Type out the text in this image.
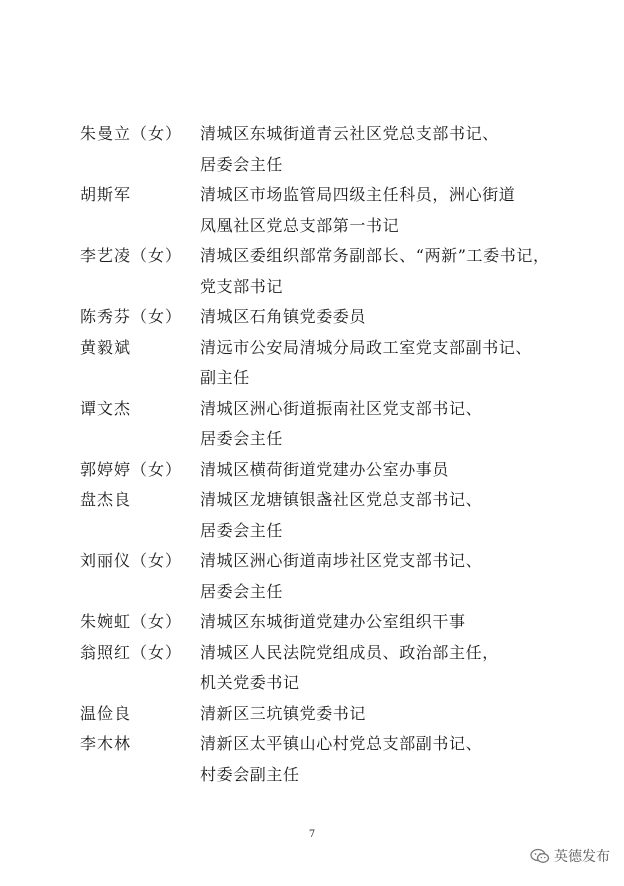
朱曼立（女） 清城区东城街道青云社区党总支部书记、
居委会主任
胡斯军	清城区市场监管局四级主任科员，洲心街道
凤凰社区党总支部第一书记
李艺凌（女） 清城区委组织部常务副部长、“两新”工委书记，
党支部书记
陈秀芬（女） 清城区石角镇党委委员
黄毅斌	清远市公安局清城分局政工室党支部副书记、
副主任
谭文杰	清城区洲心街道振南社区党支部书记、
居委会主任
郭婷婷（女） 清城区横荷街道党建办公室办事员
盘杰良	清城区龙塘镇银盏社区党总支部书记、
居委会主任
刘丽仪（女） 清城区洲心街道南埗社区党支部书记、
居委会主任
朱婉虹（女） 清城区东城街道党建办公室组织干事
翁照红（女） 清城区人民法院党组成员、政治部主任，
机关党委书记
温俭良	清新区三坑镇党委书记
李木林	清新区太平镇山心村党总支部副书记、
村委会副主任
7
英德发布
